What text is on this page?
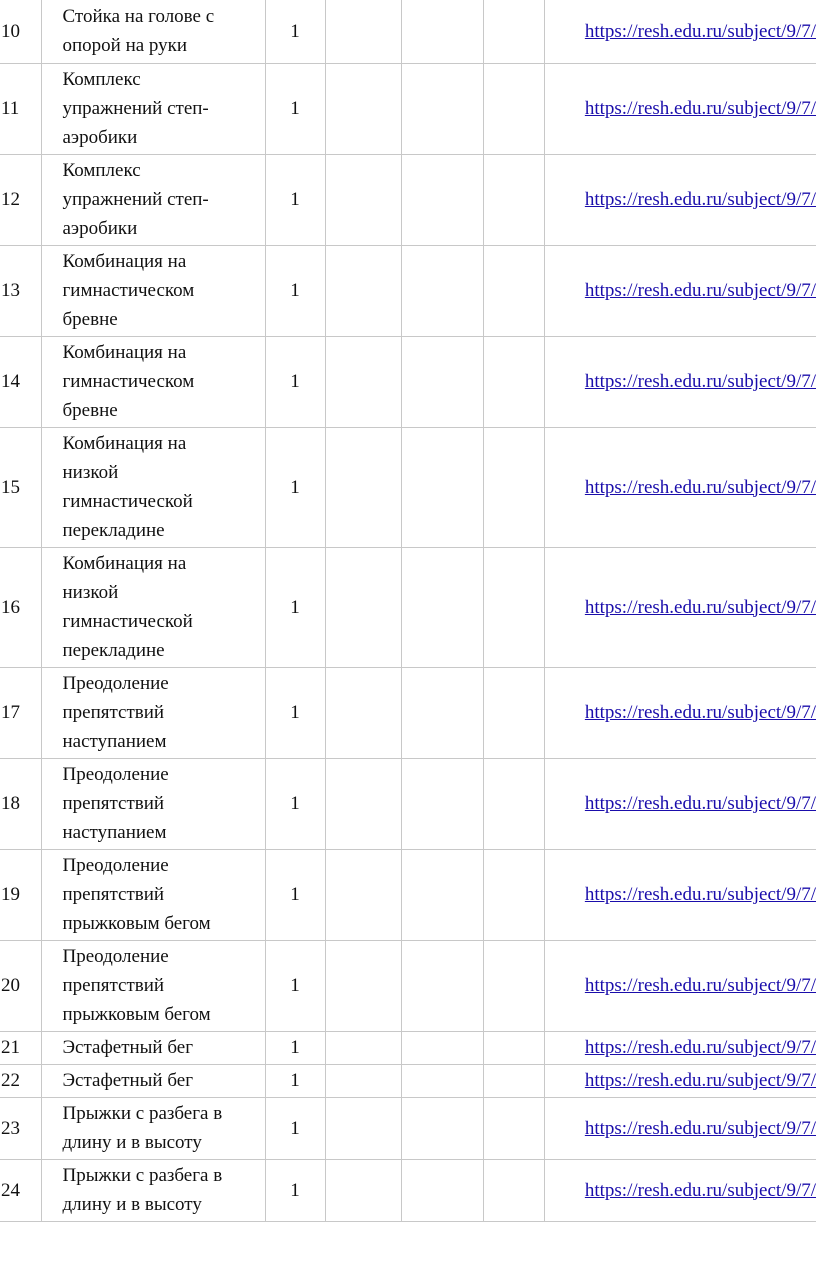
10	Стойка на голове с
опорой на руки	1				https://resh.edu.ru/subject/9/7/
11	Комплекс
упражнений степ-
аэробики	1				https://resh.edu.ru/subject/9/7/
12	Комплекс
упражнений степ-
аэробики	1				https://resh.edu.ru/subject/9/7/
13	Комбинация на
гимнастическом
бревне	1				https://resh.edu.ru/subject/9/7/
14	Комбинация на
гимнастическом
бревне	1				https://resh.edu.ru/subject/9/7/
15	Комбинация на
низкой
гимнастической
перекладине	1				https://resh.edu.ru/subject/9/7/
16	Комбинация на
низкой
гимнастической
перекладине	1				https://resh.edu.ru/subject/9/7/
17	Преодоление
препятствий
наступанием	1				https://resh.edu.ru/subject/9/7/
18	Преодоление
препятствий
наступанием	1				https://resh.edu.ru/subject/9/7/
19	Преодоление
препятствий
прыжковым бегом	1				https://resh.edu.ru/subject/9/7/
20	Преодоление
препятствий
прыжковым бегом	1				https://resh.edu.ru/subject/9/7/
21	Эстафетный бег	1				https://resh.edu.ru/subject/9/7/
22	Эстафетный бег	1				https://resh.edu.ru/subject/9/7/
23	Прыжки с разбега в
длину и в высоту	1				https://resh.edu.ru/subject/9/7/
24	Прыжки с разбега в
длину и в высоту	1				https://resh.edu.ru/subject/9/7/
